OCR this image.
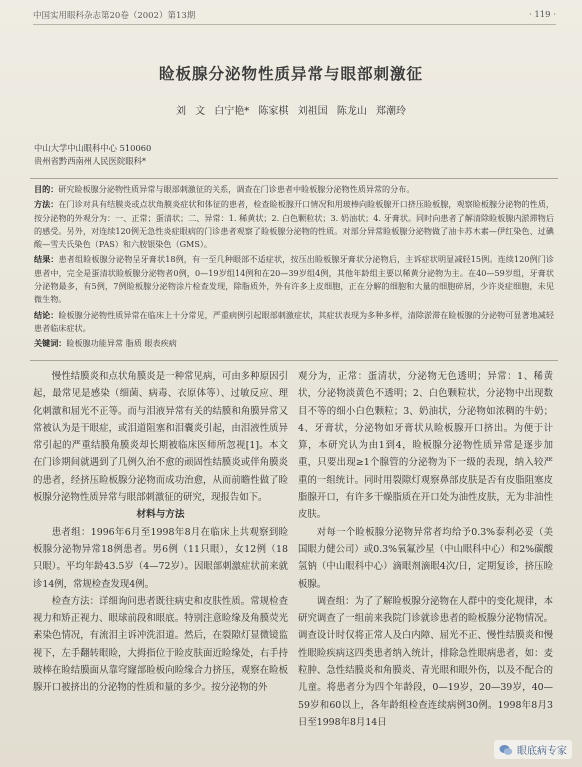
中国实用眼科杂志第20卷（2002）第13期	· 119 ·
睑板腺分泌物性质异常与眼部刺激征
刘 文 白宁艳* 陈家棋 刘祖国 陈龙山 郑潮玲
中山大学中山眼科中心 510060
贵州省黔西南州人民医院眼科*

目的：研究睑板腺分泌物性质异常与眼部刺激征的关系，调查在门诊患者中睑板腺分泌物性质异常的分布。

方法：在门诊对具有结膜炎或点状角膜炎症状和体征的患者，检查睑板腺开口情况和用玻棒向睑板腺开口挤压睑板腺，观察睑板腺分泌物的性质，按分泌物的外观分为：一、正常；蛋清状；二、异常：1. 稀黄状；2. 白色颗粒状；3. 奶油状；4. 牙膏状。同时向患者了解清除睑板腺内淤滞物后的感受。另外，对连续120例无急性炎症眼病的门诊患者观察了睑板腺分泌物的性质。对部分异常睑板腺分泌物做了油卡苏木素—伊红染色、过碘酸—雪夫氏染色（PAS）和六胺银染色（GMS）。

结果：患者组睑板腺分泌物呈牙膏状18例，有一至几种眼部不适症状，按压出睑板腺牙膏状分泌物后，主诉症状明显减轻15例。连续120例门诊患者中，完全是蛋清状睑板腺分泌物者0例，0—19岁组14例和在20—39岁组4例，其他年龄组主要以稀黄分泌物为主。在40—59岁组，牙膏状分泌物最多，有5例，7例睑板腺分泌物涂片检查发现，除脂质外，外有许多上皮细胞，正在分解的细胞和大量的细胞碎屑，少许炎症细胞，未见微生物。

结论：睑板腺分泌物性质异常在临床上十分常见，严重病例引起眼部刺激症状，其症状表现为多种多样，清除淤滞在睑板腺的分泌物可显著地减轻患者临床症状。

关键词：睑板腺功能异常 脂质 眼表疾病

慢性结膜炎和点状角膜炎是一种常见病，可由多种原因引起，最常见是感染（细菌、病毒、衣原体等）、过敏反应、理化刺激和屈光不正等。而与泪液异常有关的结膜和角膜异常又常被认为是干眼症，或泪道阻塞和泪囊炎引起，由泪液性质异常引起的严重结膜角膜炎却长期被临床医师所忽视[1]。本文在门诊期间就遇到了几例久治不愈的顽固性结膜炎或伴角膜炎的患者，经挤压睑板腺分泌物而成功治愈，从而前瞻性做了睑板腺分泌物性质异常与眼部刺激征的研究，现报告如下。

材料与方法

患者组：1996年6月至1998年8月在临床上共观察到睑板腺分泌物异常18例患者。男6例（11只眼），女12例（18只眼）。平均年龄43.5岁（4—72岁）。因眼部刺激症状前来就诊14例，常规检查发现4例。

检查方法：详细询问患者既往病史和皮肤性质。常规检查视力和矫正视力、眼球前段和眼底。特别注意睑缘及角膜荧光素染色情况，有流泪主诉冲洗泪道。然后，在裂隙灯显微镜监视下，左手翻转眼睑，大拇指位于睑皮肤面近睑缘处，右手持玻棒在睑结膜面从靠穹窿部睑板向睑缘合力挤压，观察在睑板腺开口被挤出的分泌物的性质和量的多少。按分泌物的外

观分为，正常：蛋清状，分泌物无色透明；异常：1、稀黄状，分泌物淡黄色不透明；2、白色颗粒状，分泌物中出现数目不等的细小白色颗粒；3、奶油状，分泌物如浓稠的牛奶；4、牙膏状，分泌物如牙膏状从睑板腺开口挤出。为便于计算，本研究认为由1到4，睑板腺分泌物性质异常是逐步加重，只要出现≥1个腺管的分泌物为下一级的表现，纳入较严重的一组统计。同时用裂隙灯观察鼻部皮肤是否有皮脂阻塞皮脂腺开口，有许多干燥脂质在开口处为油性皮肤，无为非油性皮肤。

对每一个睑板腺分泌物异常者均给予0.3%泰利必妥（美国眼力健公司）或0.3%氧氟沙星（中山眼科中心）和2%碳酸氢钠（中山眼科中心）滴眼剂滴眼4次/日，定期复诊，挤压睑板腺。

调查组：为了了解睑板腺分泌物在人群中的变化规律，本研究调查了一组前来我院门诊就诊患者的睑板腺分泌物情况。调查设计时仅将正常人及白内障、屈光不正、慢性结膜炎和慢性眼睑疾病这四类患者纳入统计，排除急性眼病患者，如：麦粒肿、急性结膜炎和角膜炎、青光眼和眼外伤，以及不配合的儿童。将患者分为四个年龄段，0—19岁，20—39岁，40—59岁和60以上，各年龄组检查连续病例30例。1998年8月3日至1998年8月14日

眼底病专家
